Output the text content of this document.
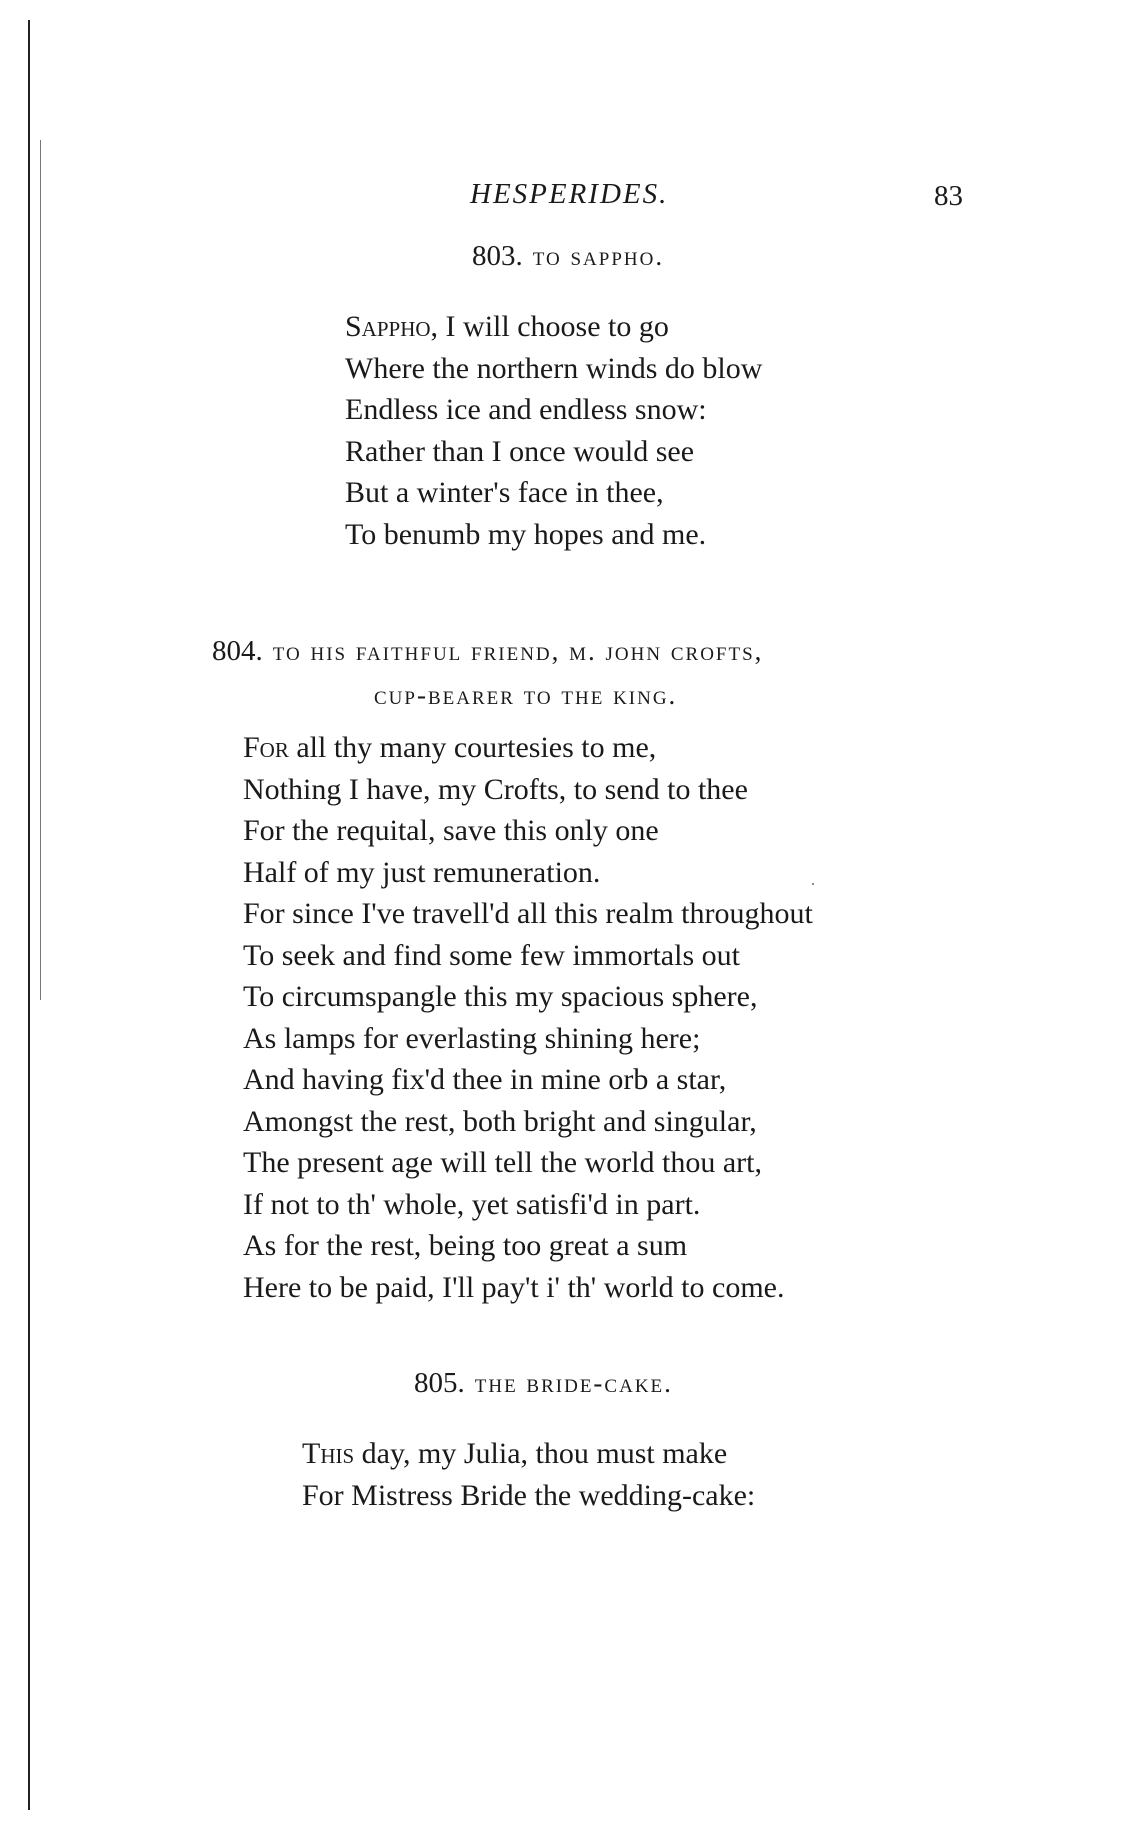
HESPERIDES.	83
803. to sappho.
Sappho, I will choose to go
Where the northern winds do blow
Endless ice and endless snow:
Rather than I once would see
But a winter's face in thee,
To benumb my hopes and me.
804. to his faithful friend, m. john crofts,
cup-bearer to the king.
For all thy many courtesies to me,
Nothing I have, my Crofts, to send to thee
For the requital, save this only one
Half of my just remuneration.
For since I've travell'd all this realm throughout
To seek and find some few immortals out
To circumspangle this my spacious sphere,
As lamps for everlasting shining here;
And having fix'd thee in mine orb a star,
Amongst the rest, both bright and singular,
The present age will tell the world thou art,
If not to th' whole, yet satisfi'd in part.
As for the rest, being too great a sum
Here to be paid, I'll pay't i' th' world to come.
805. the bride-cake.
This day, my Julia, thou must make
For Mistress Bride the wedding-cake:
